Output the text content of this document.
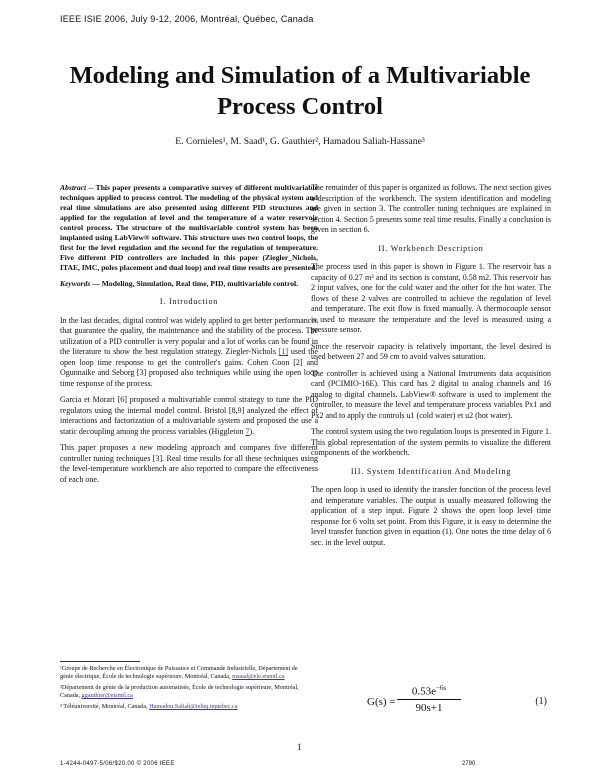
IEEE ISIE 2006, July 9-12, 2006, Montréal, Québec, Canada
Modeling and Simulation of a Multivariable
Process Control
E. Cornieles¹, M. Saad¹, G. Gauthier², Hamadou Saliah-Hassane³

Abstract -- This paper presents a comparative survey of different multivariable techniques applied to process control. The modeling of the physical system and real time simulations are also presented using different PID structures and applied for the regulation of level and the temperature of a water reservoir control process. The structure of the multivariable control system has been implanted using LabView® software. This structure uses two control loops, the first for the level regulation and the second for the regulation of temperature. Five different PID controllers are included in this paper (Ziegler_Nichols, ITAE, IMC, poles placement and dual loop) and real time results are presented.

Keywords — Modeling, Simulation, Real time, PID, multivariable control.

I. Introduction

In the last decades, digital control was widely applied to get better performances that guarantee the quality, the maintenance and the stability of the process. The utilization of a PID controller is very popular and a lot of works can be found in the literature to show the best regulation strategy. Ziegler-Nichols [1] used the open loop time response to get the controller's gains. Cohen Coon [2] and Ogunnaike and Seborg [3] proposed also techniques while using the open loop time response of the process.

Garcia et Morari [6] proposed a multivariable control strategy to tune the PID regulators using the internal model control. Bristol [8,9] analyzed the effect of interactions and factorization of a multivariable system and proposed the use a static decoupling among the process variables (Higgleton 7).

This paper proposes a new modeling approach and compares five different controller tuning techniques [3]. Real time results for all these techniques using the level-temperature workbench are also reported to compare the effectiveness of each one.

The remainder of this paper is organized as follows. The next section gives a description of the workbench. The system identification and modeling are given in section 3. The controller tuning techniques are explained in section 4. Section 5 presents some real time results. Finally a conclusion is given in section 6.

II. Workbench Description

The process used in this paper is shown in Figure 1. The reservoir has a capacity of 0.27 m³ and its section is constant, 0.58 m2. This reservoir has 2 input valves, one for the cold water and the other for the hot water. The flows of these 2 valves are controlled to achieve the regulation of level and temperature. The exit flow is fixed manually. A thermocouple sensor is used to measure the temperature and the level is measured using a pressure sensor.

Since the reservoir capacity is relatively important, the level desired is used between 27 and 59 cm to avoid valves saturation.

The controller is achieved using a National Instruments data acquisition card (PCIMIO-16E). This card has 2 digital to analog channels and 16 analog to digital channels. LabView® software is used to implement the controller, to measure the level and temperature process variables Px1 and Px2 and to apply the controls u1 (cold water) et u2 (hot water).

The control system using the two regulation loops is presented in Figure 1. This global representation of the system permits to visualize the different components of the workbench.

III. System Identification And Modeling

The open loop is used to identify the transfer function of the process level and temperature variables. The output is usually measured following the application of a step input. Figure 2 shows the open loop level time response for 6 volts set point. From this Figure, it is easy to determine the level transfer function given in equation (1). One notes the time delay of 6 sec. in the level output.

¹Groupe de Recherche en Électronique de Puissance et Commande Industrielle, Département de génie électrique, École de technologie supérieure, Montréal, Canada, msaad@ele.etsmtl.ca

²Département de génie de la production automatisée, École de technologie supérieure, Montréal, Canada, ggauthier@etsmtl.ca

³ Téléuniversité, Montréal, Canada, Hamadou.Saliah@teluq.uquebec.ca	$G(s) = \frac{0.53e^{-6s}}{90s+1}$	(1)
1
1-4244-0497-5/06/$20.00 © 2006 IEEE	2790
